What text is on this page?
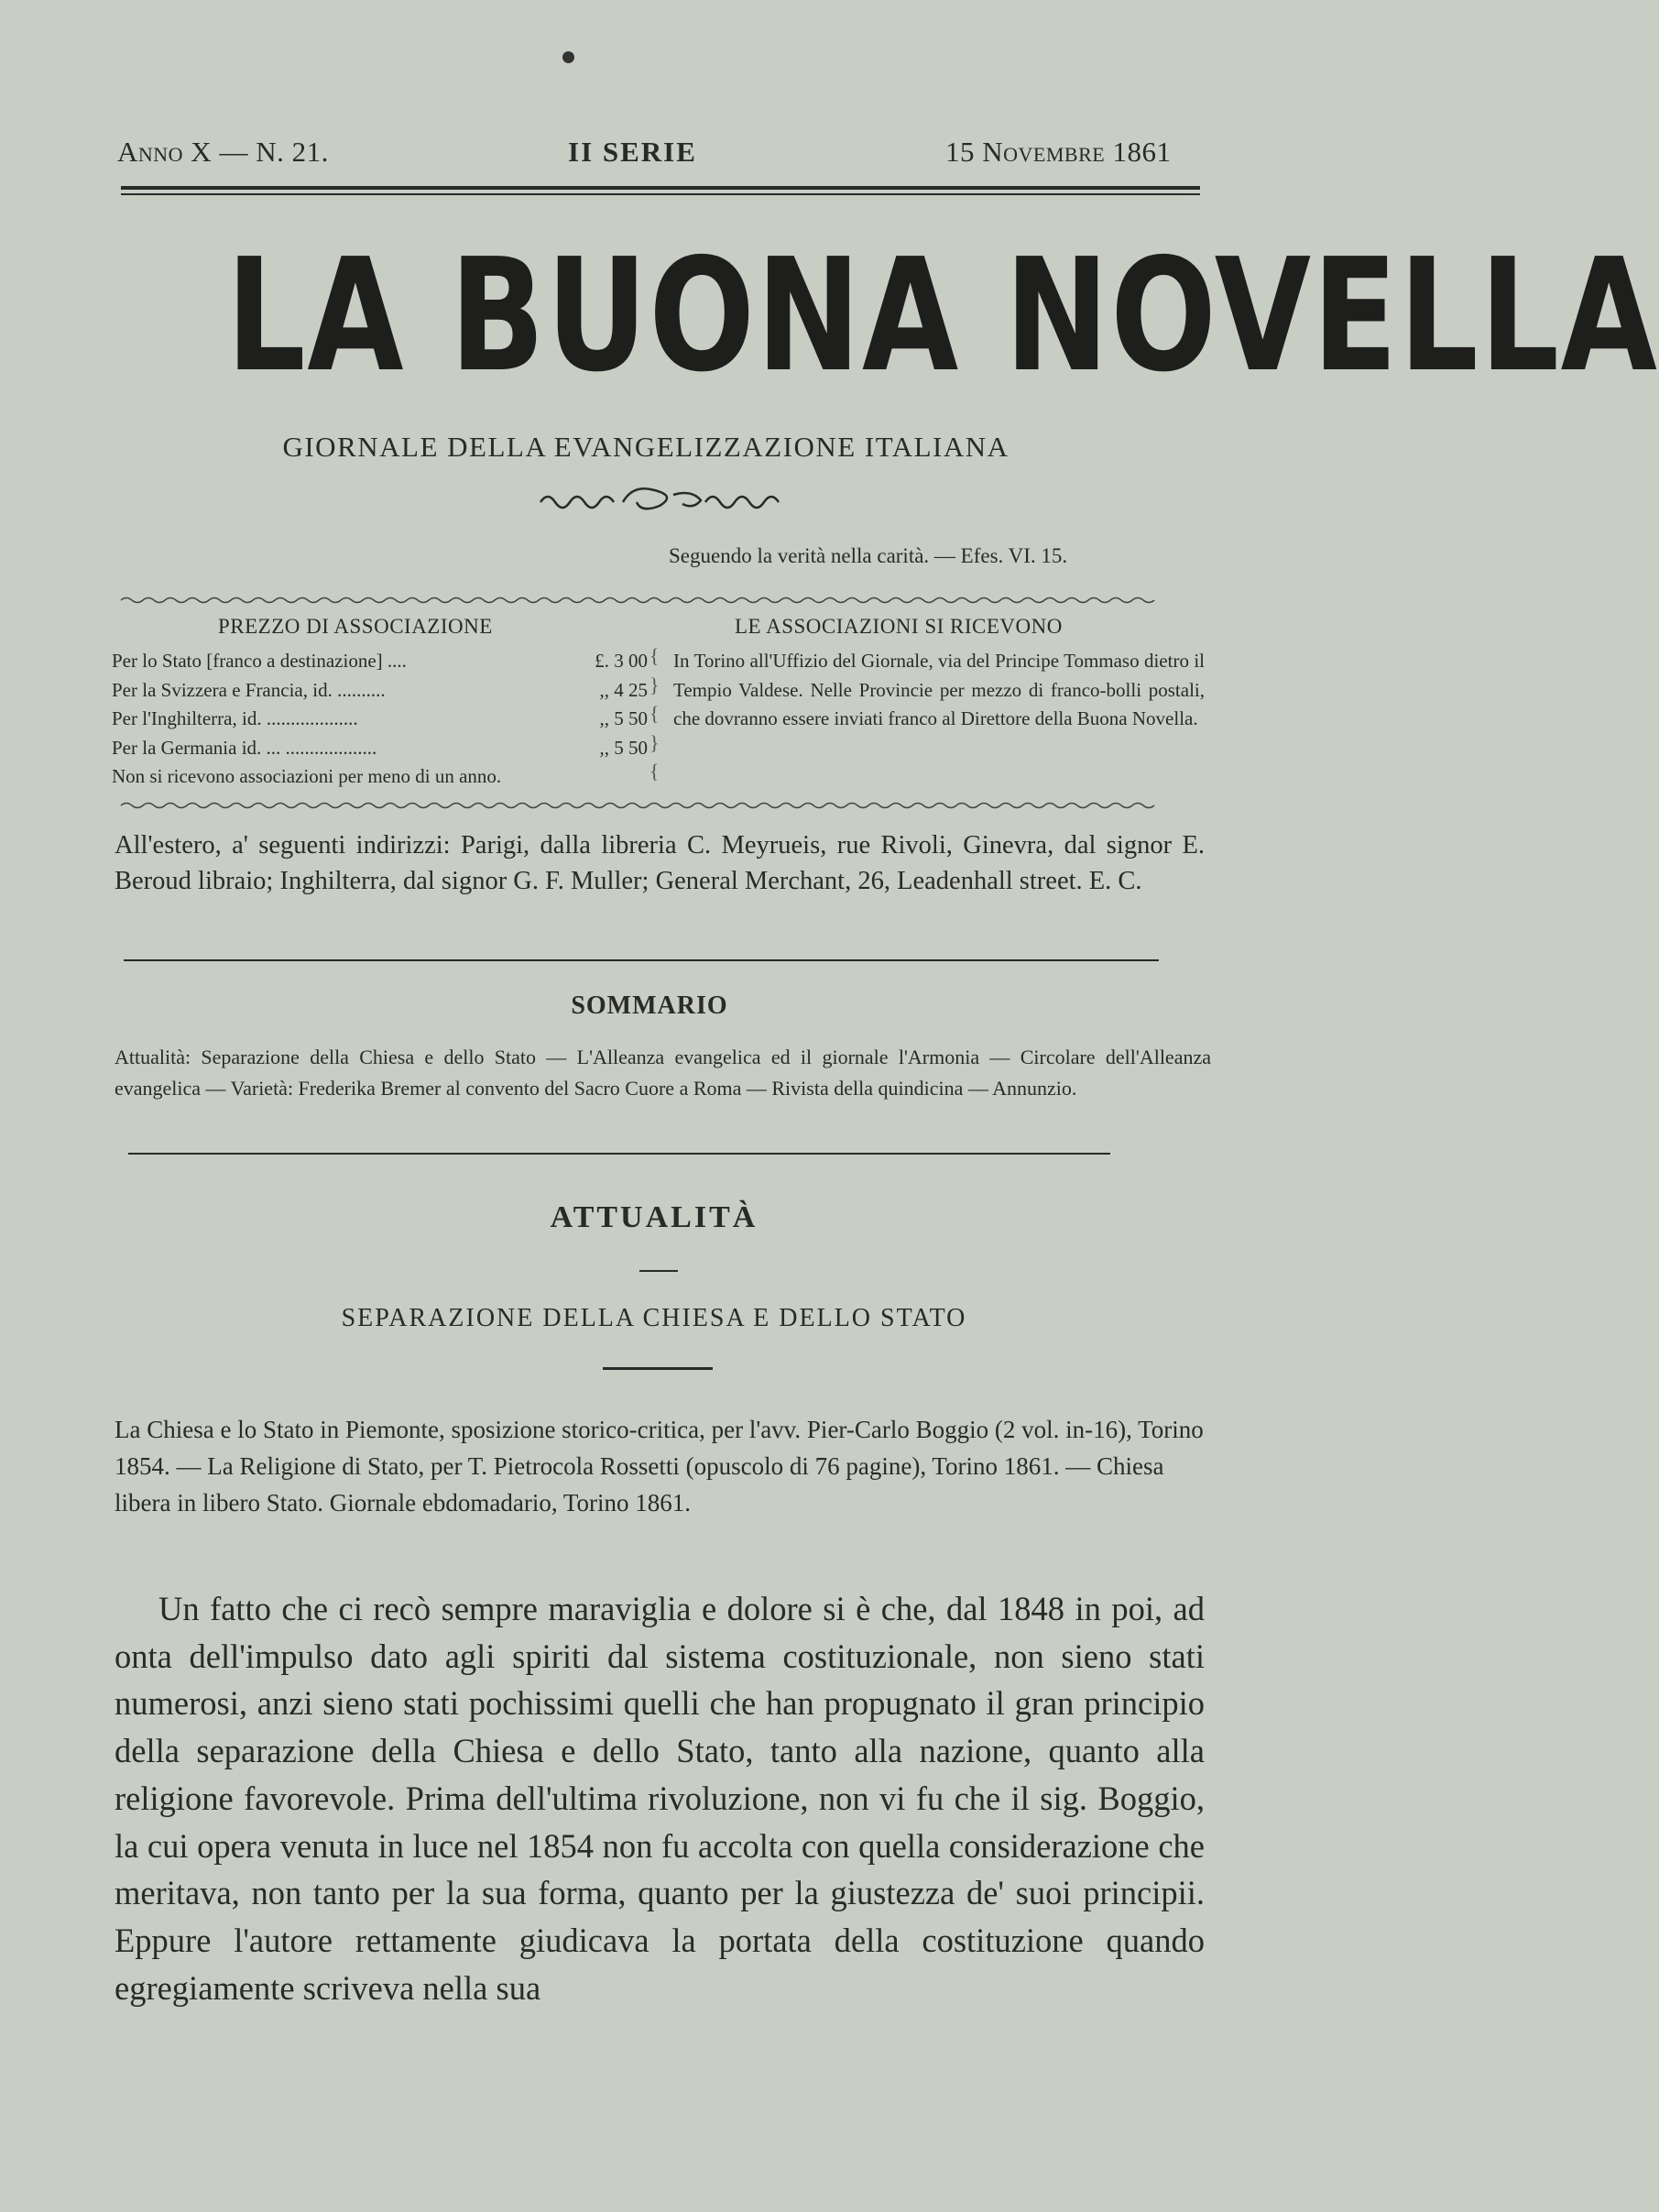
Anno X — N. 21.	II SERIE	15 Novembre 1861
LA BUONA NOVELLA
GIORNALE DELLA EVANGELIZZAZIONE ITALIANA
Seguendo la verità nella carità. — Efes. VI. 15.
PREZZO DI ASSOCIAZIONE	LE ASSOCIAZIONI SI RICEVONO
Per lo Stato [franco a destinazione] ....	£. 3 00
Per la Svizzera e Francia, id. ..........	,, 4 25
Per l'Inghilterra, id. ...................	,, 5 50
Per la Germania id. ... ...................	,, 5 50
Non si ricevono associazioni per meno di un anno.
{
}
{
}
{
In Torino all'Uffizio del Giornale, via del Principe Tommaso dietro il Tempio Valdese. Nelle Provincie per mezzo di franco-bolli postali, che dovranno essere inviati franco al Direttore della Buona Novella.
All'estero, a' seguenti indirizzi: Parigi, dalla libreria C. Meyrueis, rue Rivoli, Ginevra, dal signor E. Beroud libraio; Inghilterra, dal signor G. F. Muller; General Merchant, 26, Leadenhall street. E. C.
SOMMARIO
Attualità: Separazione della Chiesa e dello Stato — L'Alleanza evangelica ed il giornale l'Armonia — Circolare dell'Alleanza evangelica — Varietà: Frederika Bremer al convento del Sacro Cuore a Roma — Rivista della quindicina — Annunzio.
ATTUALITÀ
SEPARAZIONE DELLA CHIESA E DELLO STATO
La Chiesa e lo Stato in Piemonte, sposizione storico-critica, per l'avv. Pier-Carlo Boggio (2 vol. in-16), Torino 1854. — La Religione di Stato, per T. Pietrocola Rossetti (opuscolo di 76 pagine), Torino 1861. — Chiesa libera in libero Stato. Giornale ebdomadario, Torino 1861.

Un fatto che ci recò sempre maraviglia e dolore si è che, dal 1848 in poi, ad onta dell'impulso dato agli spiriti dal sistema costituzionale, non sieno stati numerosi, anzi sieno stati pochissimi quelli che han propugnato il gran principio della separazione della Chiesa e dello Stato, tanto alla nazione, quanto alla religione favorevole. Prima dell'ultima rivoluzione, non vi fu che il sig. Boggio, la cui opera venuta in luce nel 1854 non fu accolta con quella considerazione che meritava, non tanto per la sua forma, quanto per la giustezza de' suoi principii. Eppure l'autore rettamente giudicava la portata della costituzione quando egregiamente scriveva nella sua
